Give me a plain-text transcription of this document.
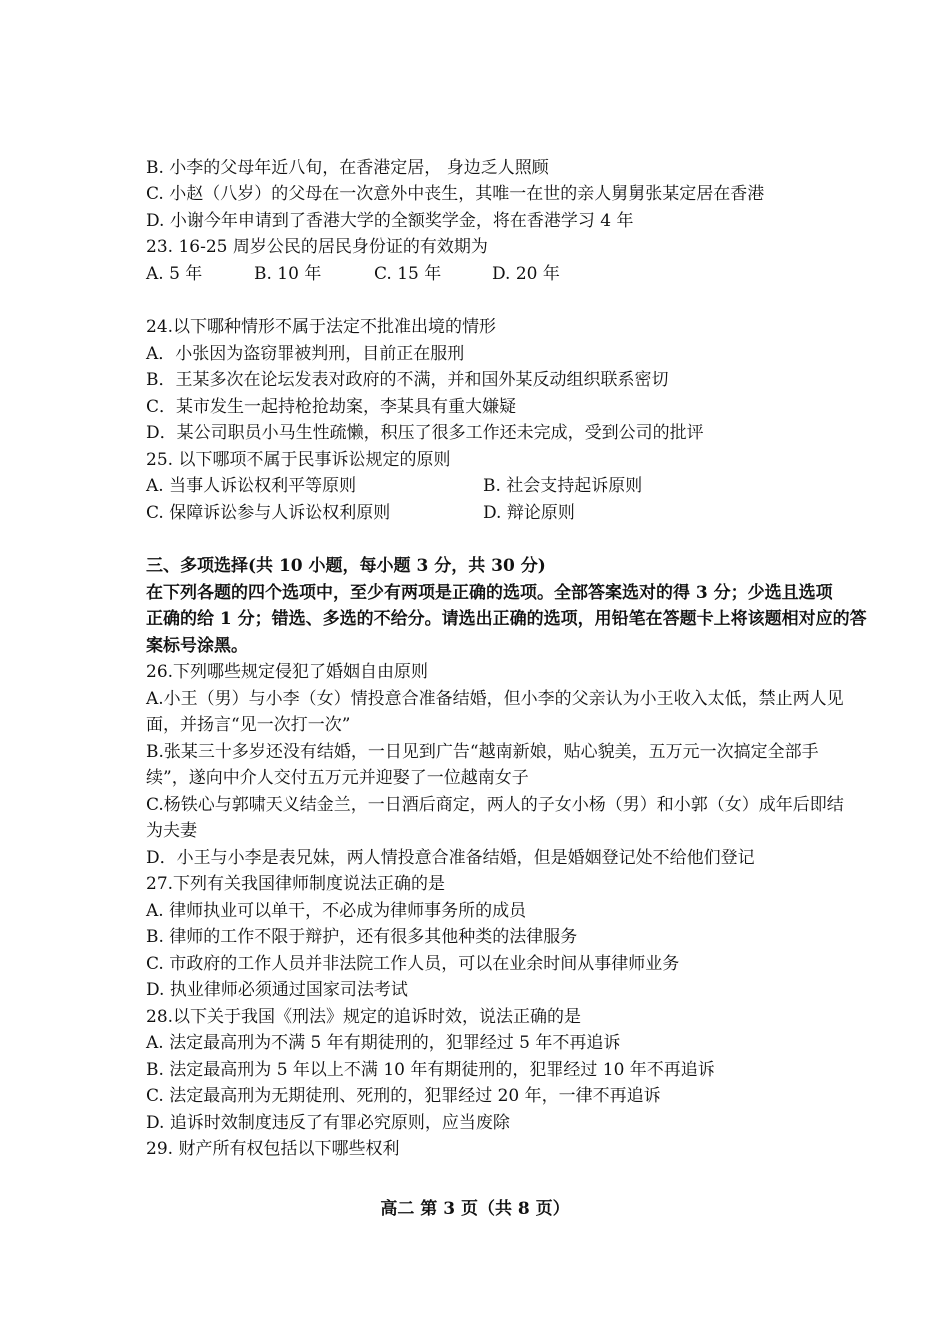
B. 小李的父母年近八旬，在香港定居， 身边乏人照顾
C. 小赵（八岁）的父母在一次意外中丧生，其唯一在世的亲人舅舅张某定居在香港
D. 小谢今年申请到了香港大学的全额奖学金，将在香港学习 4 年
23. 16-25 周岁公民的居民身份证的有效期为
A. 5 年	B. 10 年	C. 15 年	D. 20 年
24.以下哪种情形不属于法定不批准出境的情形
A．小张因为盗窃罪被判刑，目前正在服刑
B．王某多次在论坛发表对政府的不满，并和国外某反动组织联系密切
C．某市发生一起持枪抢劫案，李某具有重大嫌疑
D．某公司职员小马生性疏懒，积压了很多工作还未完成，受到公司的批评
25. 以下哪项不属于民事诉讼规定的原则
A. 当事人诉讼权利平等原则	B. 社会支持起诉原则
C. 保障诉讼参与人诉讼权利原则	D. 辩论原则
三、多项选择(共 10 小题，每小题 3 分，共 30 分)
在下列各题的四个选项中，至少有两项是正确的选项。全部答案选对的得 3 分；少选且选项
正确的给 1 分；错选、多选的不给分。请选出正确的选项，用铅笔在答题卡上将该题相对应的答
案标号涂黑。
26.下列哪些规定侵犯了婚姻自由原则
A.小王（男）与小李（女）情投意合准备结婚，但小李的父亲认为小王收入太低，禁止两人见
面，并扬言“见一次打一次”
B.张某三十多岁还没有结婚，一日见到广告“越南新娘，贴心貌美，五万元一次搞定全部手
续”，遂向中介人交付五万元并迎娶了一位越南女子
C.杨铁心与郭啸天义结金兰，一日酒后商定，两人的子女小杨（男）和小郭（女）成年后即结
为夫妻
D．小王与小李是表兄妹，两人情投意合准备结婚，但是婚姻登记处不给他们登记
27.下列有关我国律师制度说法正确的是
A. 律师执业可以单干，不必成为律师事务所的成员
B. 律师的工作不限于辩护，还有很多其他种类的法律服务
C. 市政府的工作人员并非法院工作人员，可以在业余时间从事律师业务
D. 执业律师必须通过国家司法考试
28.以下关于我国《刑法》规定的追诉时效，说法正确的是
A. 法定最高刑为不满 5 年有期徒刑的，犯罪经过 5 年不再追诉
B. 法定最高刑为 5 年以上不满 10 年有期徒刑的，犯罪经过 10 年不再追诉
C. 法定最高刑为无期徒刑、死刑的，犯罪经过 20 年，一律不再追诉
D. 追诉时效制度违反了有罪必究原则，应当废除
29. 财产所有权包括以下哪些权利
高二 第 3 页（共 8 页）
